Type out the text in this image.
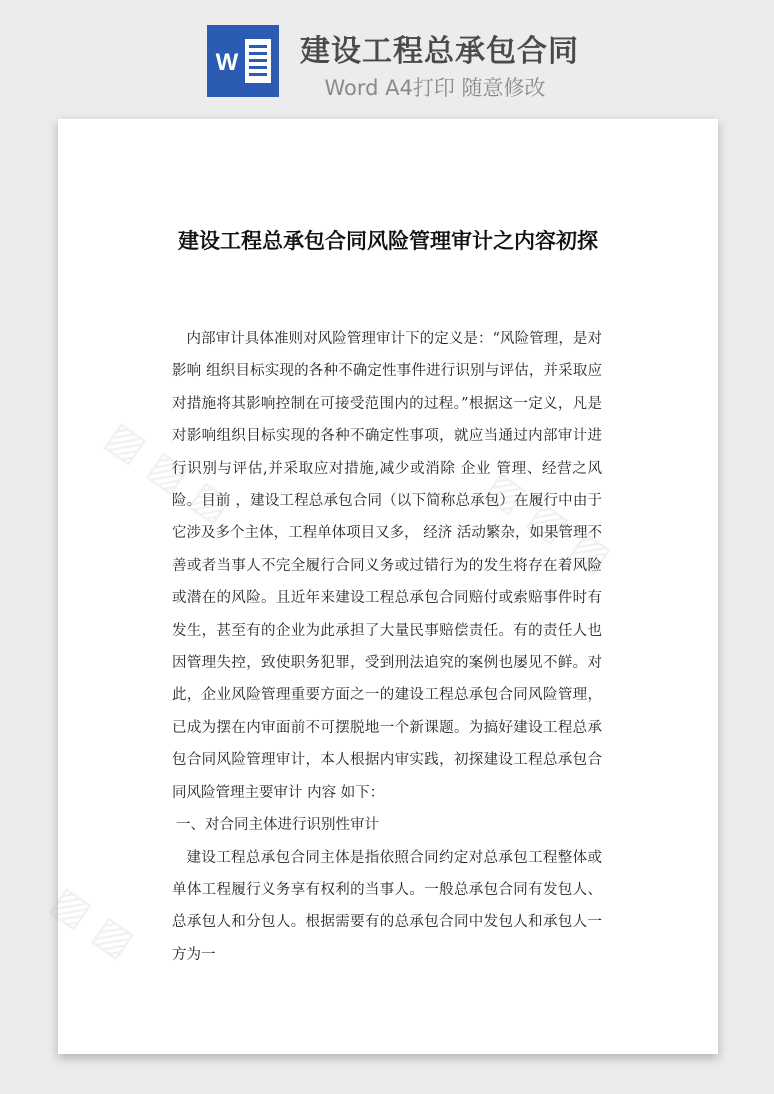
W 建设工程总承包合同
Word A4打印 随意修改
▨ ▨ ▨	▨ ▨ ▨
▨ ▨
建设工程总承包合同风险管理审计之内容初探

内部审计具体准则对风险管理审计下的定义是：“风险管理，是对影响 组织目标实现的各种不确定性事件进行识别与评估，并采取应对措施将其影响控制在可接受范围内的过程。”根据这一定义，凡是对影响组织目标实现的各种不确定性事项，就应当通过内部审计进行识别与评估,并采取应对措施,减少或消除 企业 管理、经营之风险。目前 ，建设工程总承包合同（以下简称总承包）在履行中由于它涉及多个主体，工程单体项目又多， 经济 活动繁杂，如果管理不善或者当事人不完全履行合同义务或过错行为的发生将存在着风险或潜在的风险。且近年来建设工程总承包合同赔付或索赔事件时有发生，甚至有的企业为此承担了大量民事赔偿责任。有的责任人也因管理失控，致使职务犯罪，受到刑法追究的案例也屡见不鲜。对此，企业风险管理重要方面之一的建设工程总承包合同风险管理，已成为摆在内审面前不可摆脱地一个新课题。为搞好建设工程总承包合同风险管理审计，本人根据内审实践，初探建设工程总承包合同风险管理主要审计 内容 如下：

一、对合同主体进行识别性审计

建设工程总承包合同主体是指依照合同约定对总承包工程整体或单体工程履行义务享有权利的当事人。一般总承包合同有发包人、总承包人和分包人。根据需要有的总承包合同中发包人和承包人一方为一
